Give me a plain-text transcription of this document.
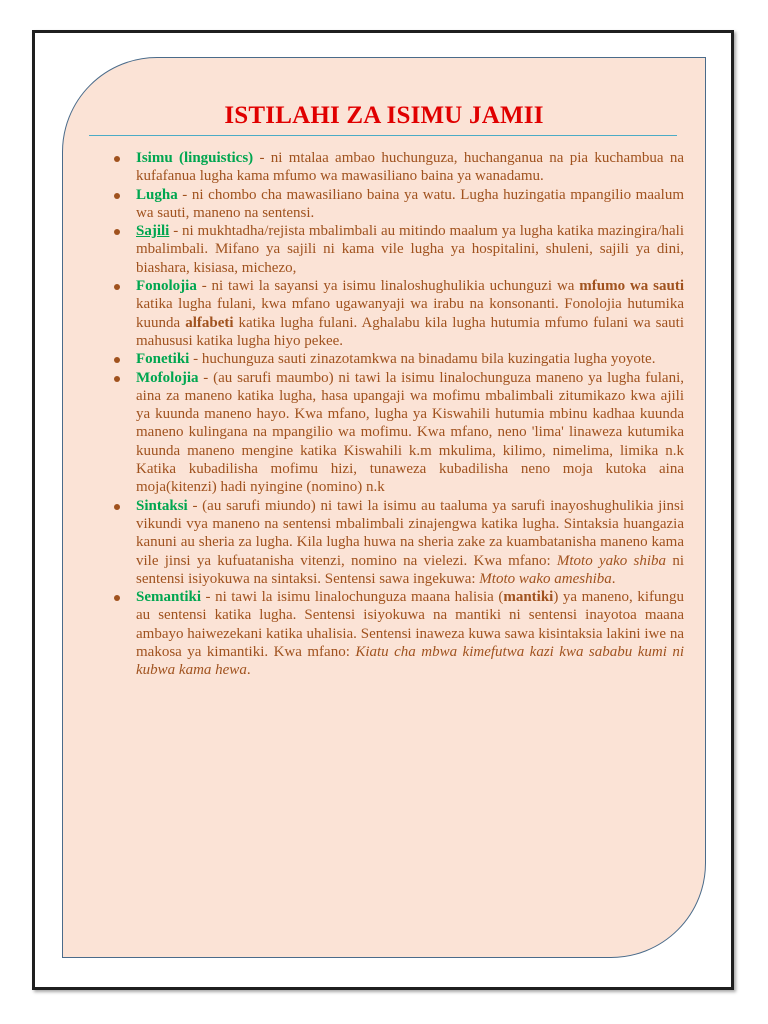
ISTILAHI ZA ISIMU JAMII
Isimu (linguistics) - ni mtalaa ambao huchunguza, huchanganua na pia kuchambua na kufafanua lugha kama mfumo wa mawasiliano baina ya wanadamu.
Lugha - ni chombo cha mawasiliano baina ya watu. Lugha huzingatia mpangilio maalum wa sauti, maneno na sentensi.
Sajili - ni mukhtadha/rejista mbalimbali au mitindo maalum ya lugha katika mazingira/hali mbalimbali. Mifano ya sajili ni kama vile lugha ya hospitalini, shuleni, sajili ya dini, biashara, kisiasa, michezo,
Fonolojia - ni tawi la sayansi ya isimu linaloshughulikia uchunguzi wa mfumo wa sauti katika lugha fulani, kwa mfano ugawanyaji wa irabu na konsonanti. Fonolojia hutumika kuunda alfabeti katika lugha fulani. Aghalabu kila lugha hutumia mfumo fulani wa sauti mahususi katika lugha hiyo pekee.
Fonetiki - huchunguza sauti zinazotamkwa na binadamu bila kuzingatia lugha yoyote.
Mofolojia - (au sarufi maumbo) ni tawi la isimu linalochunguza maneno ya lugha fulani, aina za maneno katika lugha, hasa upangaji wa mofimu mbalimbali zitumikazo kwa ajili ya kuunda maneno hayo. Kwa mfano, lugha ya Kiswahili hutumia mbinu kadhaa kuunda maneno kulingana na mpangilio wa mofimu. Kwa mfano, neno 'lima' linaweza kutumika kuunda maneno mengine katika Kiswahili k.m mkulima, kilimo, nimelima, limika n.k Katika kubadilisha mofimu hizi, tunaweza kubadilisha neno moja kutoka aina moja(kitenzi) hadi nyingine (nomino) n.k
Sintaksi - (au sarufi miundo) ni tawi la isimu au taaluma ya sarufi inayoshughulikia jinsi vikundi vya maneno na sentensi mbalimbali zinajengwa katika lugha. Sintaksia huangazia kanuni au sheria za lugha. Kila lugha huwa na sheria zake za kuambatanisha maneno kama vile jinsi ya kufuatanisha vitenzi, nomino na vielezi. Kwa mfano: Mtoto yako shiba ni sentensi isiyokuwa na sintaksi. Sentensi sawa ingekuwa: Mtoto wako ameshiba.
Semantiki - ni tawi la isimu linalochunguza maana halisia (mantiki) ya maneno, kifungu au sentensi katika lugha. Sentensi isiyokuwa na mantiki ni sentensi inayotoa maana ambayo haiwezekani katika uhalisia. Sentensi inaweza kuwa sawa kisintaksia lakini iwe na makosa ya kimantiki. Kwa mfano: Kiatu cha mbwa kimefutwa kazi kwa sababu kumi ni kubwa kama hewa.
